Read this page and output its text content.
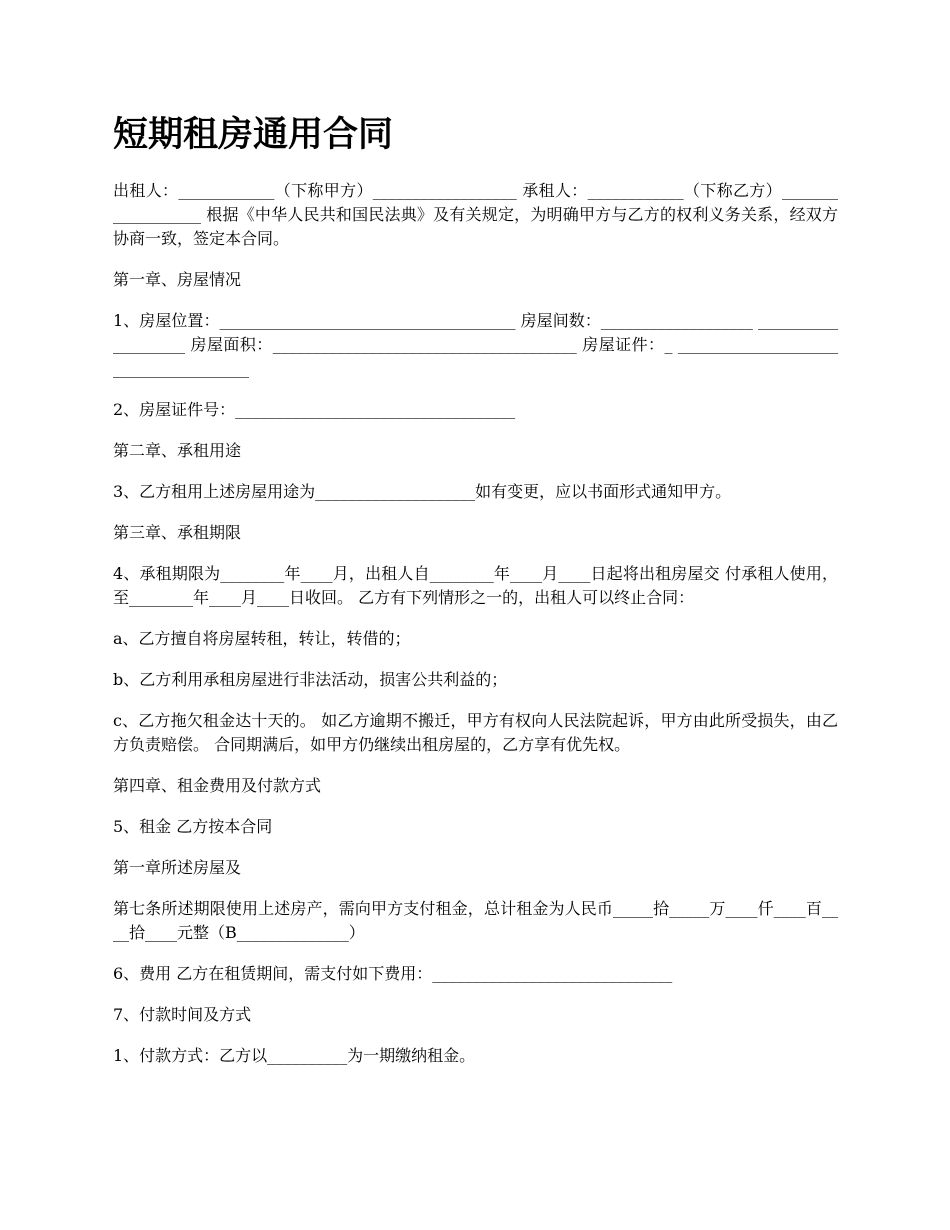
短期租房通用合同

出租人：____________（下称甲方）__________________ 承租人：____________（下称乙方）__________________ 根据《中华人民共和国民法典》及有关规定，为明确甲方与乙方的权利义务关系，经双方协商一致，签定本合同。

第一章、房屋情况

1、房屋位置：_____________________________________ 房屋间数：___________________ ___________________ 房屋面积：______________________________________ 房屋证件：_ _____________________________________

2、房屋证件号：___________________________________

第二章、承租用途

3、乙方租用上述房屋用途为____________________如有变更，应以书面形式通知甲方。

第三章、承租期限

4、承租期限为________年____月，出租人自________年____月____日起将出租房屋交 付承租人使用，至________年____月____日收回。 乙方有下列情形之一的，出租人可以终止合同：

a、乙方擅自将房屋转租，转让，转借的；

b、乙方利用承租房屋进行非法活动，损害公共利益的；

c、乙方拖欠租金达十天的。 如乙方逾期不搬迁，甲方有权向人民法院起诉，甲方由此所受损失，由乙方负责赔偿。 合同期满后，如甲方仍继续出租房屋的，乙方享有优先权。

第四章、租金费用及付款方式

5、租金 乙方按本合同

第一章所述房屋及

第七条所述期限使用上述房产，需向甲方支付租金，总计租金为人民币_____拾_____万____仟____百____拾____元整（B______________）

6、费用 乙方在租赁期间，需支付如下费用：______________________________

7、付款时间及方式

1、付款方式：乙方以__________为一期缴纳租金。
